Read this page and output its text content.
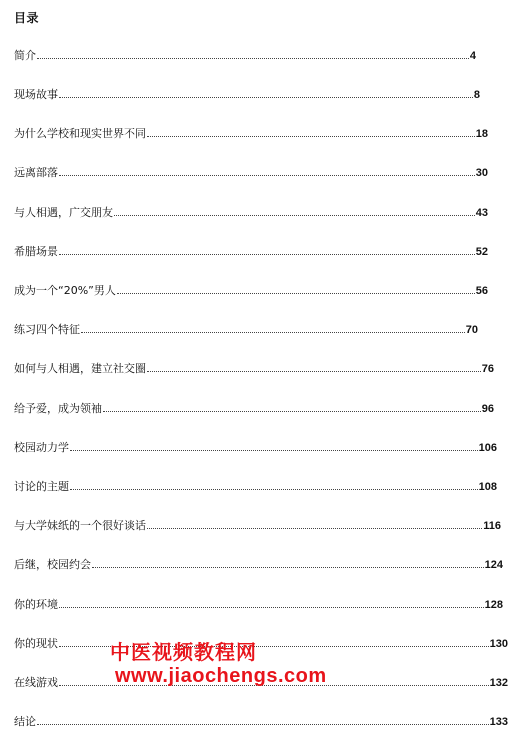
目录
简介	4
现场故事	8
为什么学校和现实世界不同	18
远离部落	30
与人相遇，广交朋友	43
希腊场景	52
成为一个“20%”男人	56
练习四个特征	70
如何与人相遇，建立社交圈	76
给予爱，成为领袖	96
校园动力学	106
讨论的主题	108
与大学妹纸的一个很好谈话	116
后继，校园约会	124
你的环境	128
你的现状	130
在线游戏	132
结论	133
中医视频教程网
www.jiaochengs.com
